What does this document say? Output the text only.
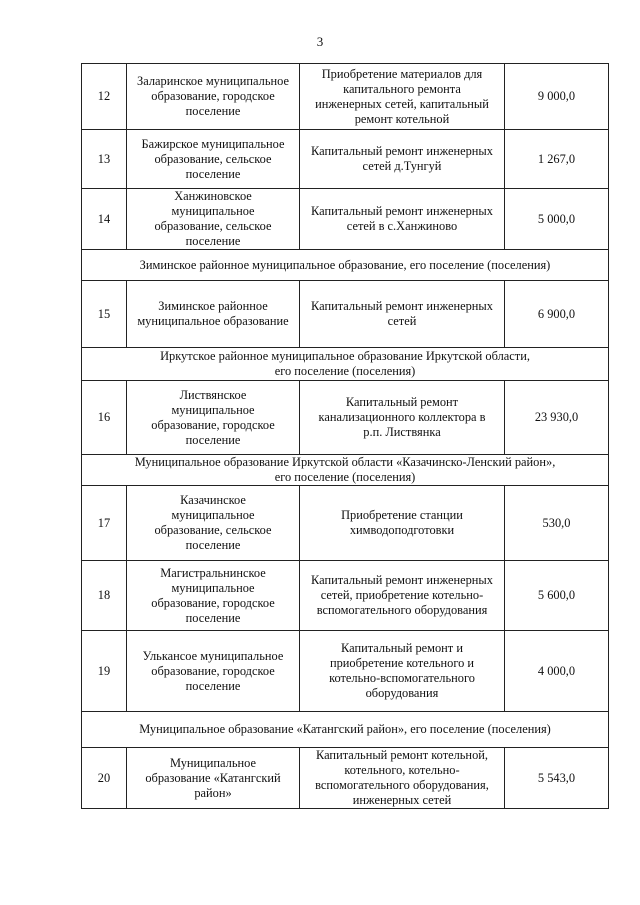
3
12	Заларинское муниципальное
образование, городское
поселение	Приобретение материалов для
капитального ремонта
инженерных сетей, капитальный
ремонт котельной	9 000,0
13	Бажирское муниципальное
образование, сельское
поселение	Капитальный ремонт инженерных
сетей д.Тунгуй	1 267,0
14	Ханжиновское
муниципальное
образование, сельское
поселение	Капитальный ремонт инженерных
сетей в с.Ханжиново	5 000,0

Зиминское районное муниципальное образование, его поселение (поселения)			

15	Зиминское районное
муниципальное образование	Капитальный ремонт инженерных
сетей	6 900,0

Иркутское районное муниципальное образование Иркутской области,
его поселение (поселения)			

16	Листвянское
муниципальное
образование, городское
поселение	Капитальный ремонт
канализационного коллектора в
р.п. Листвянка	23 930,0

Муниципальное образование Иркутской области «Казачинско-Ленский район»,
его поселение (поселения)			

17	Казачинское
муниципальное
образование, сельское
поселение	Приобретение станции
химводоподготовки	530,0
18	Магистральнинское
муниципальное
образование, городское
поселение	Капитальный ремонт инженерных
сетей, приобретение котельно-
вспомогательного оборудования	5 600,0
19	Улькансое муниципальное
образование, городское
поселение	Капитальный ремонт и
приобретение котельного и
котельно-вспомогательного
оборудования	4 000,0

Муниципальное образование «Катангский район», его поселение (поселения)			

20	Муниципальное
образование «Катангский
район»	Капитальный ремонт котельной,
котельного, котельно-
вспомогательного оборудования,
инженерных сетей	5 543,0
